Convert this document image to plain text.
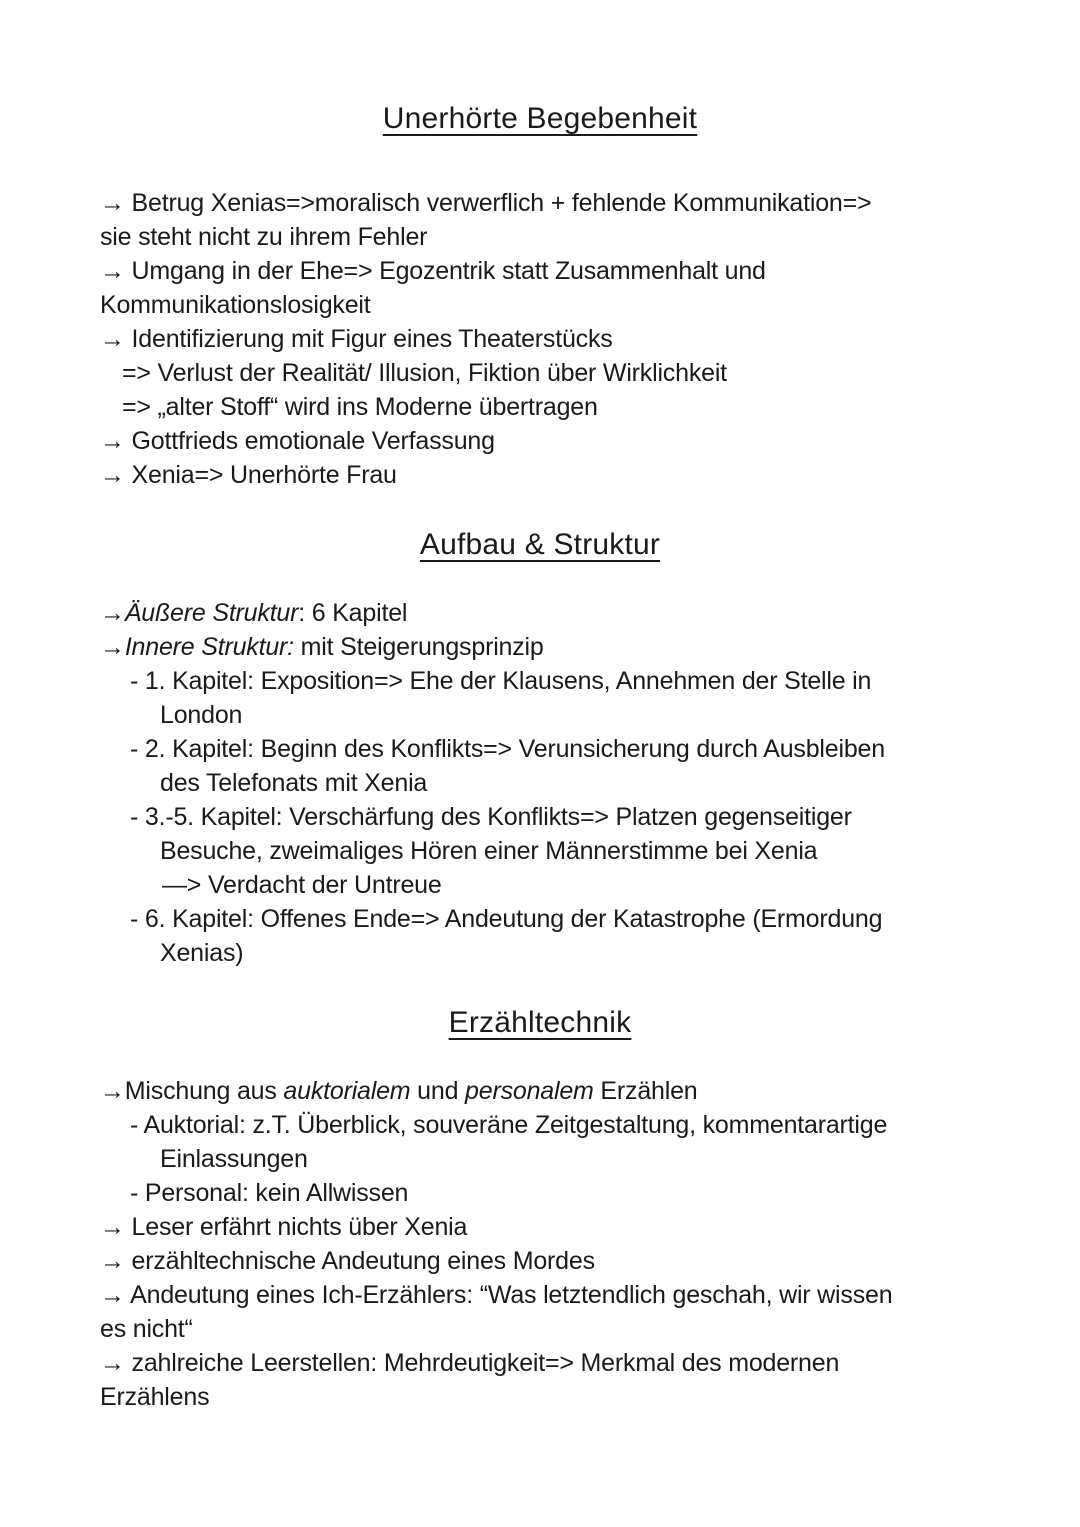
Unerhörte Begebenheit
→ Betrug Xenias=>moralisch verwerflich + fehlende Kommunikation=>
sie steht nicht zu ihrem Fehler
→ Umgang in der Ehe=> Egozentrik statt Zusammenhalt und
Kommunikationslosigkeit
→ Identifizierung mit Figur eines Theaterstücks
=> Verlust der Realität/ Illusion, Fiktion über Wirklichkeit
=> „alter Stoff“ wird ins Moderne übertragen
→ Gottfrieds emotionale Verfassung
→ Xenia=> Unerhörte Frau
Aufbau & Struktur
→Äußere Struktur: 6 Kapitel
→Innere Struktur: mit Steigerungsprinzip
- 1. Kapitel: Exposition=> Ehe der Klausens, Annehmen der Stelle in
London
- 2. Kapitel: Beginn des Konflikts=> Verunsicherung durch Ausbleiben
des Telefonats mit Xenia
- 3.-5. Kapitel: Verschärfung des Konflikts=> Platzen gegenseitiger
Besuche, zweimaliges Hören einer Männerstimme bei Xenia
—> Verdacht der Untreue
- 6. Kapitel: Offenes Ende=> Andeutung der Katastrophe (Ermordung
Xenias)
Erzähltechnik
→Mischung aus auktorialem und personalem Erzählen
- Auktorial: z.T. Überblick, souveräne Zeitgestaltung, kommentarartige
Einlassungen
- Personal: kein Allwissen
→ Leser erfährt nichts über Xenia
→ erzähltechnische Andeutung eines Mordes
→ Andeutung eines Ich-Erzählers: “Was letztendlich geschah, wir wissen
es nicht“
→ zahlreiche Leerstellen: Mehrdeutigkeit=> Merkmal des modernen
Erzählens
